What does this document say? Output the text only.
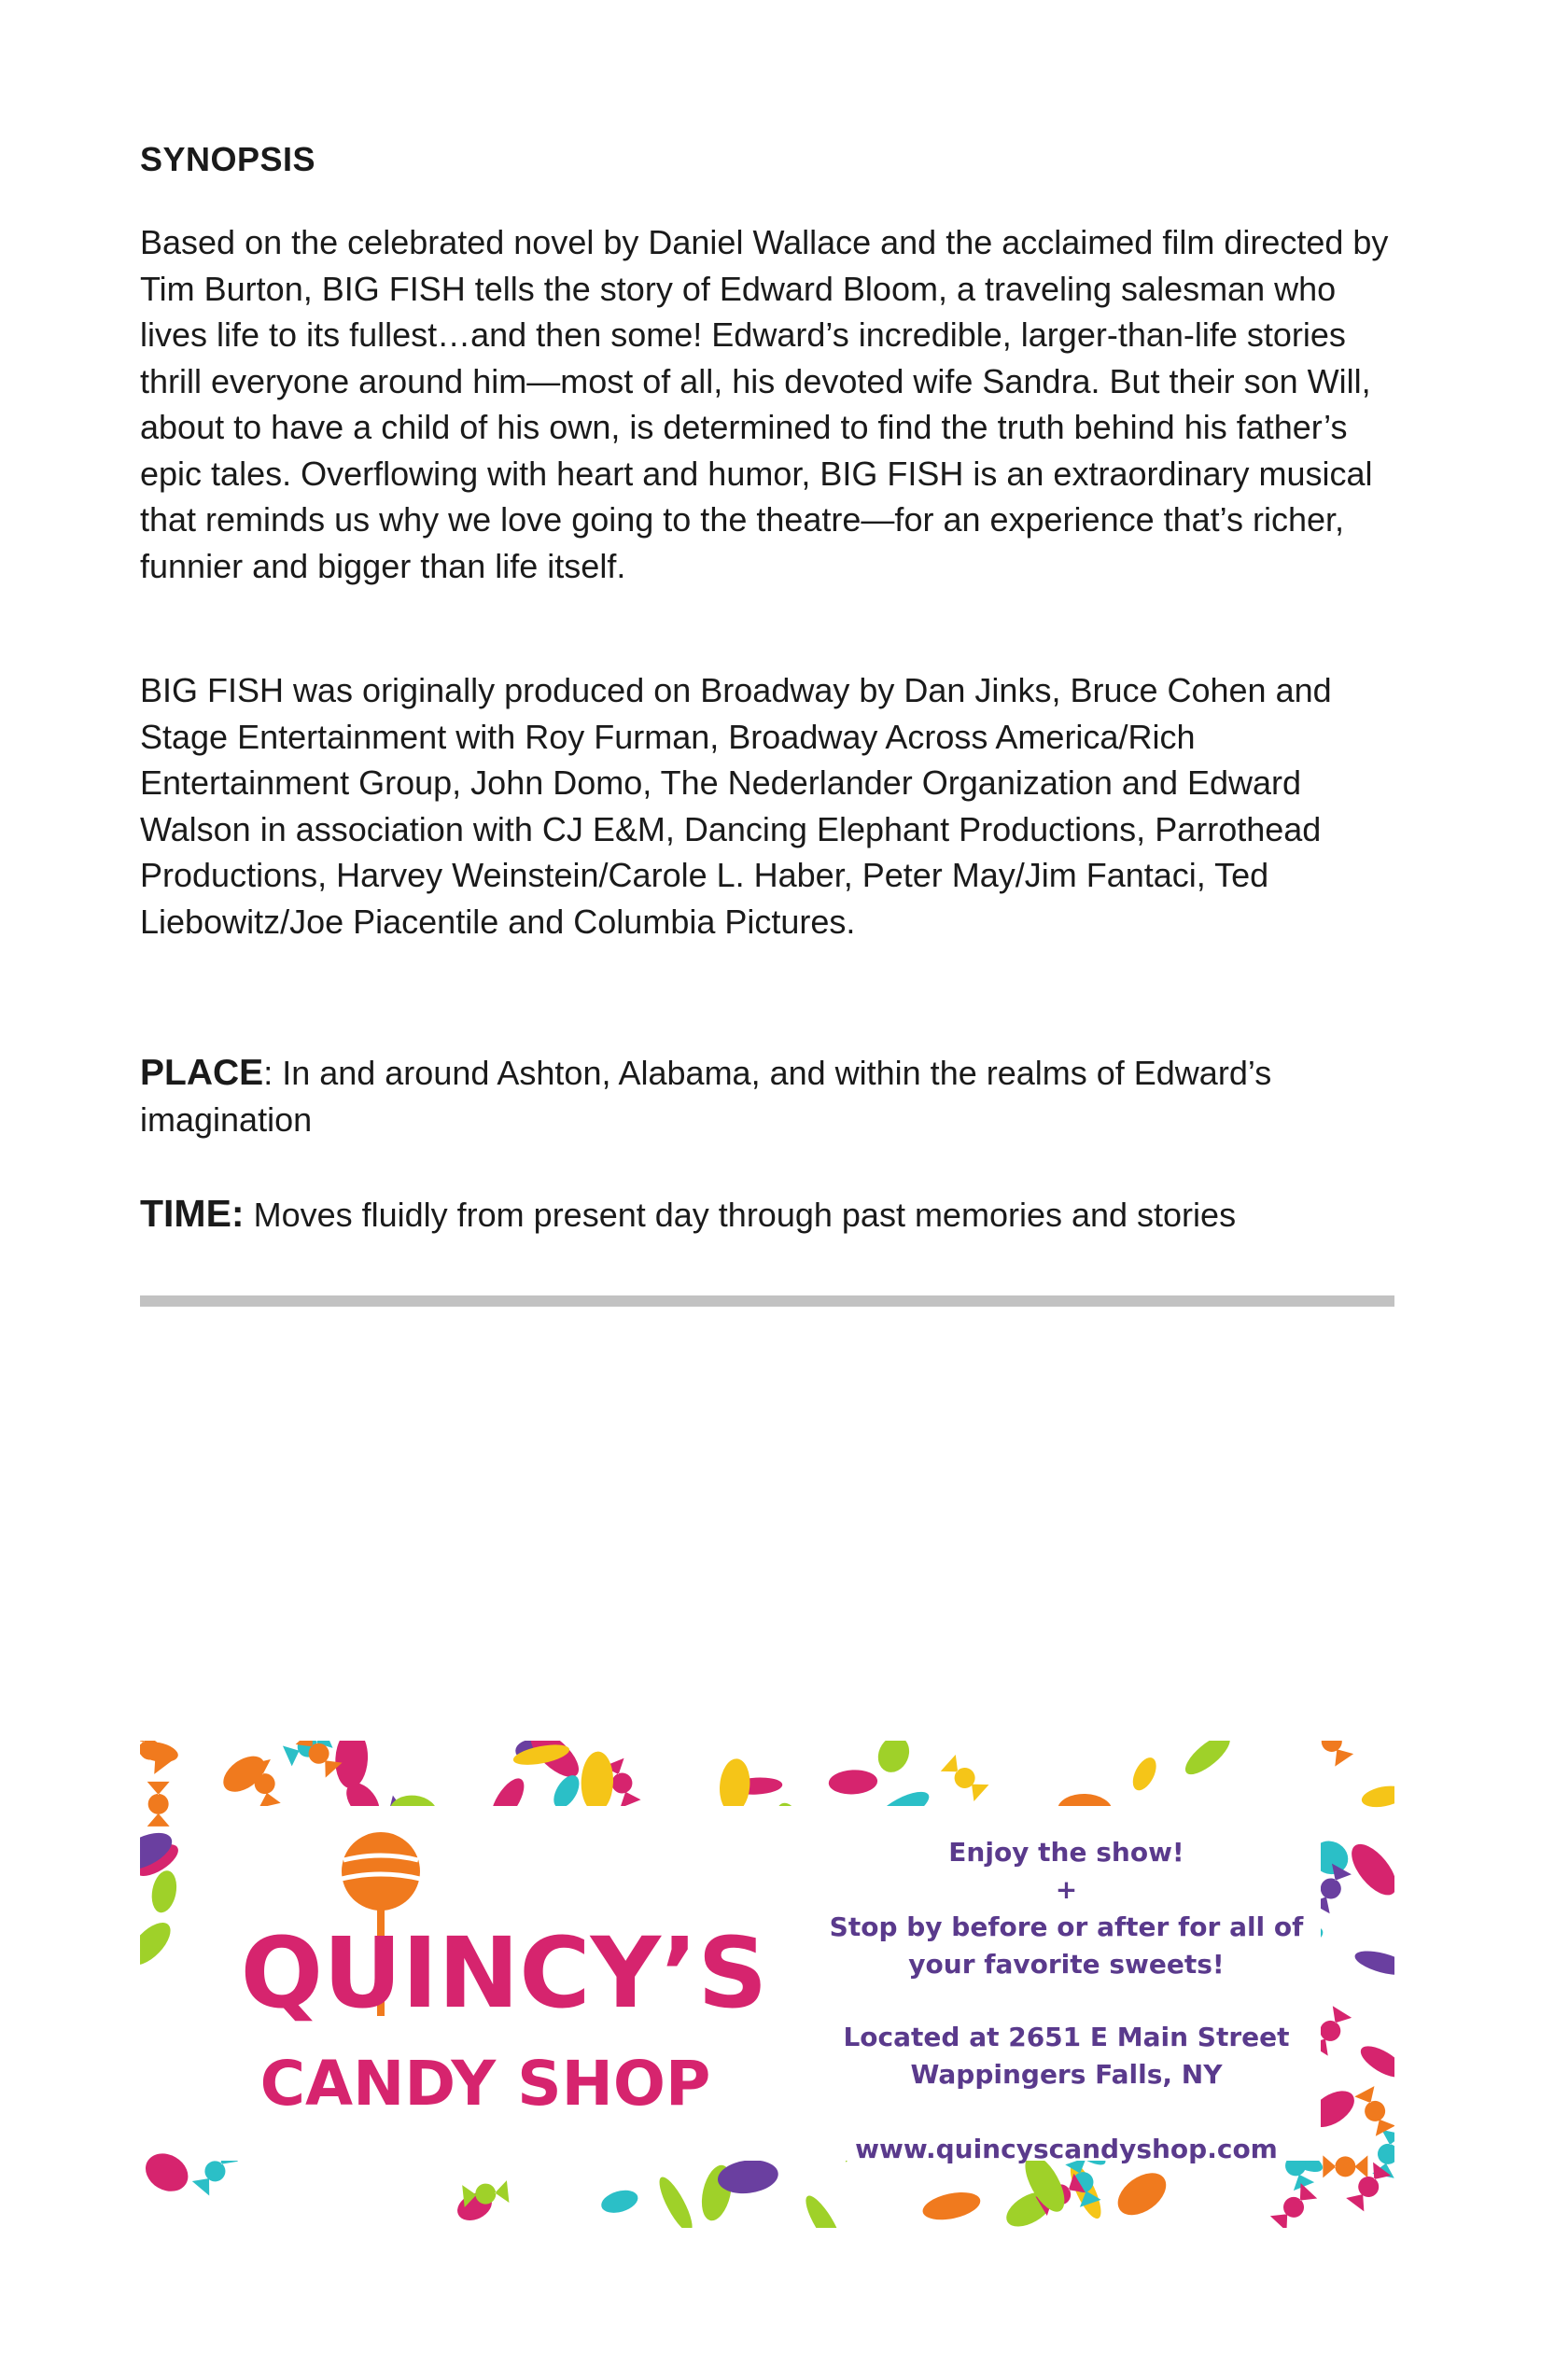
SYNOPSIS

Based on the celebrated novel by Daniel Wallace and the acclaimed film directed by Tim Burton, BIG FISH tells the story of Edward Bloom, a traveling salesman who lives life to its fullest…and then some! Edward’s incredible, larger-than-life stories thrill everyone around him—most of all, his devoted wife Sandra. But their son Will, about to have a child of his own, is determined to find the truth behind his father’s epic tales. Overflowing with heart and humor, BIG FISH is an extraordinary musical that reminds us why we love going to the theatre—for an experience that’s richer, funnier and bigger than life itself.

BIG FISH was originally produced on Broadway by Dan Jinks, Bruce Cohen and Stage Entertainment with Roy Furman, Broadway Across America/Rich Entertainment Group, John Domo, The Nederlander Organization and Edward Walson in association with CJ E&M, Dancing Elephant Productions, Parrothead Productions, Harvey Weinstein/Carole L. Haber, Peter May/Jim Fantaci, Ted Liebowitz/Joe Piacentile and Columbia Pictures.

PLACE: In and around Ashton, Alabama, and within the realms of Edward’s imagination
TIME: Moves fluidly from present day through past memories and stories
QUINCY’S
CANDY SHOP
Enjoy the show!
+
Stop by before or after for all of
your favorite sweets!
Located at 2651 E Main Street
Wappingers Falls, NY
www.quincyscandyshop.com
